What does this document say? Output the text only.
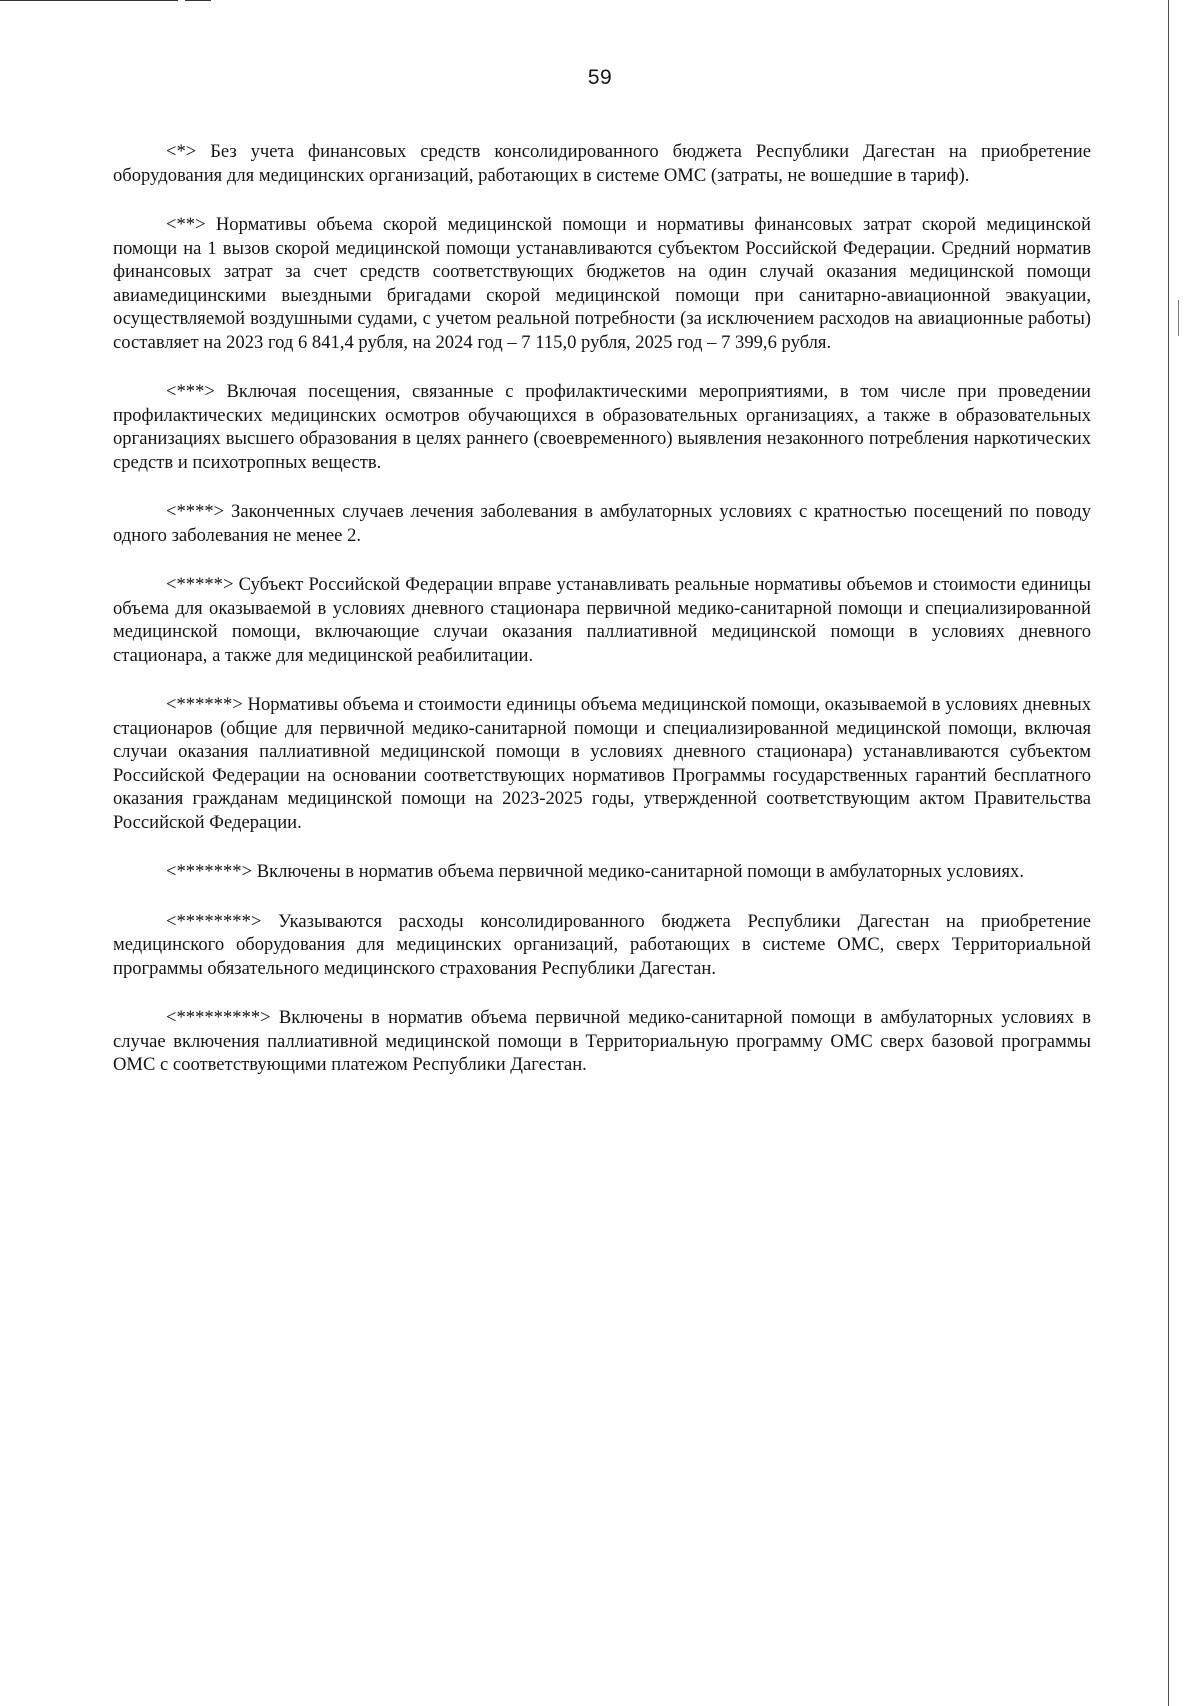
59

<*> Без учета финансовых средств консолидированного бюджета Республики Дагестан на приобретение оборудования для медицинских организаций, работающих в системе ОМС (затраты, не вошедшие в тариф).

<**> Нормативы объема скорой медицинской помощи и нормативы финансовых затрат скорой медицинской помощи на 1 вызов скорой медицинской помощи устанавливаются субъектом Российской Федерации. Средний норматив финансовых затрат за счет средств соответствующих бюджетов на один случай оказания медицинской помощи авиамедицинскими выездными бригадами скорой медицинской помощи при санитарно-авиационной эвакуации, осуществляемой воздушными судами, с учетом реальной потребности (за исключением расходов на авиационные работы) составляет на 2023 год 6 841,4 рубля, на 2024 год – 7 115,0 рубля, 2025 год – 7 399,6 рубля.

<***> Включая посещения, связанные с профилактическими мероприятиями, в том числе при проведении профилактических медицинских осмотров обучающихся в образовательных организациях, а также в образовательных организациях высшего образования в целях раннего (своевременного) выявления незаконного потребления наркотических средств и психотропных веществ.

<****> Законченных случаев лечения заболевания в амбулаторных условиях с кратностью посещений по поводу одного заболевания не менее 2.

<*****> Субъект Российской Федерации вправе устанавливать реальные нормативы объемов и стоимости единицы объема для оказываемой в условиях дневного стационара первичной медико-санитарной помощи и специализированной медицинской помощи, включающие случаи оказания паллиативной медицинской помощи в условиях дневного стационара, а также для медицинской реабилитации.

<******> Нормативы объема и стоимости единицы объема медицинской помощи, оказываемой в условиях дневных стационаров (общие для первичной медико-санитарной помощи и специализированной медицинской помощи, включая случаи оказания паллиативной медицинской помощи в условиях дневного стационара) устанавливаются субъектом Российской Федерации на основании соответствующих нормативов Программы государственных гарантий бесплатного оказания гражданам медицинской помощи на 2023-2025 годы, утвержденной соответствующим актом Правительства Российской Федерации.

<*******> Включены в норматив объема первичной медико-санитарной помощи в амбулаторных условиях.

<********> Указываются расходы консолидированного бюджета Республики Дагестан на приобретение медицинского оборудования для медицинских организаций, работающих в системе ОМС, сверх Территориальной программы обязательного медицинского страхования Республики Дагестан.

<*********> Включены в норматив объема первичной медико-санитарной помощи в амбулаторных условиях в случае включения паллиативной медицинской помощи в Территориальную программу ОМС сверх базовой программы ОМС с соответствующими платежом Республики Дагестан.
